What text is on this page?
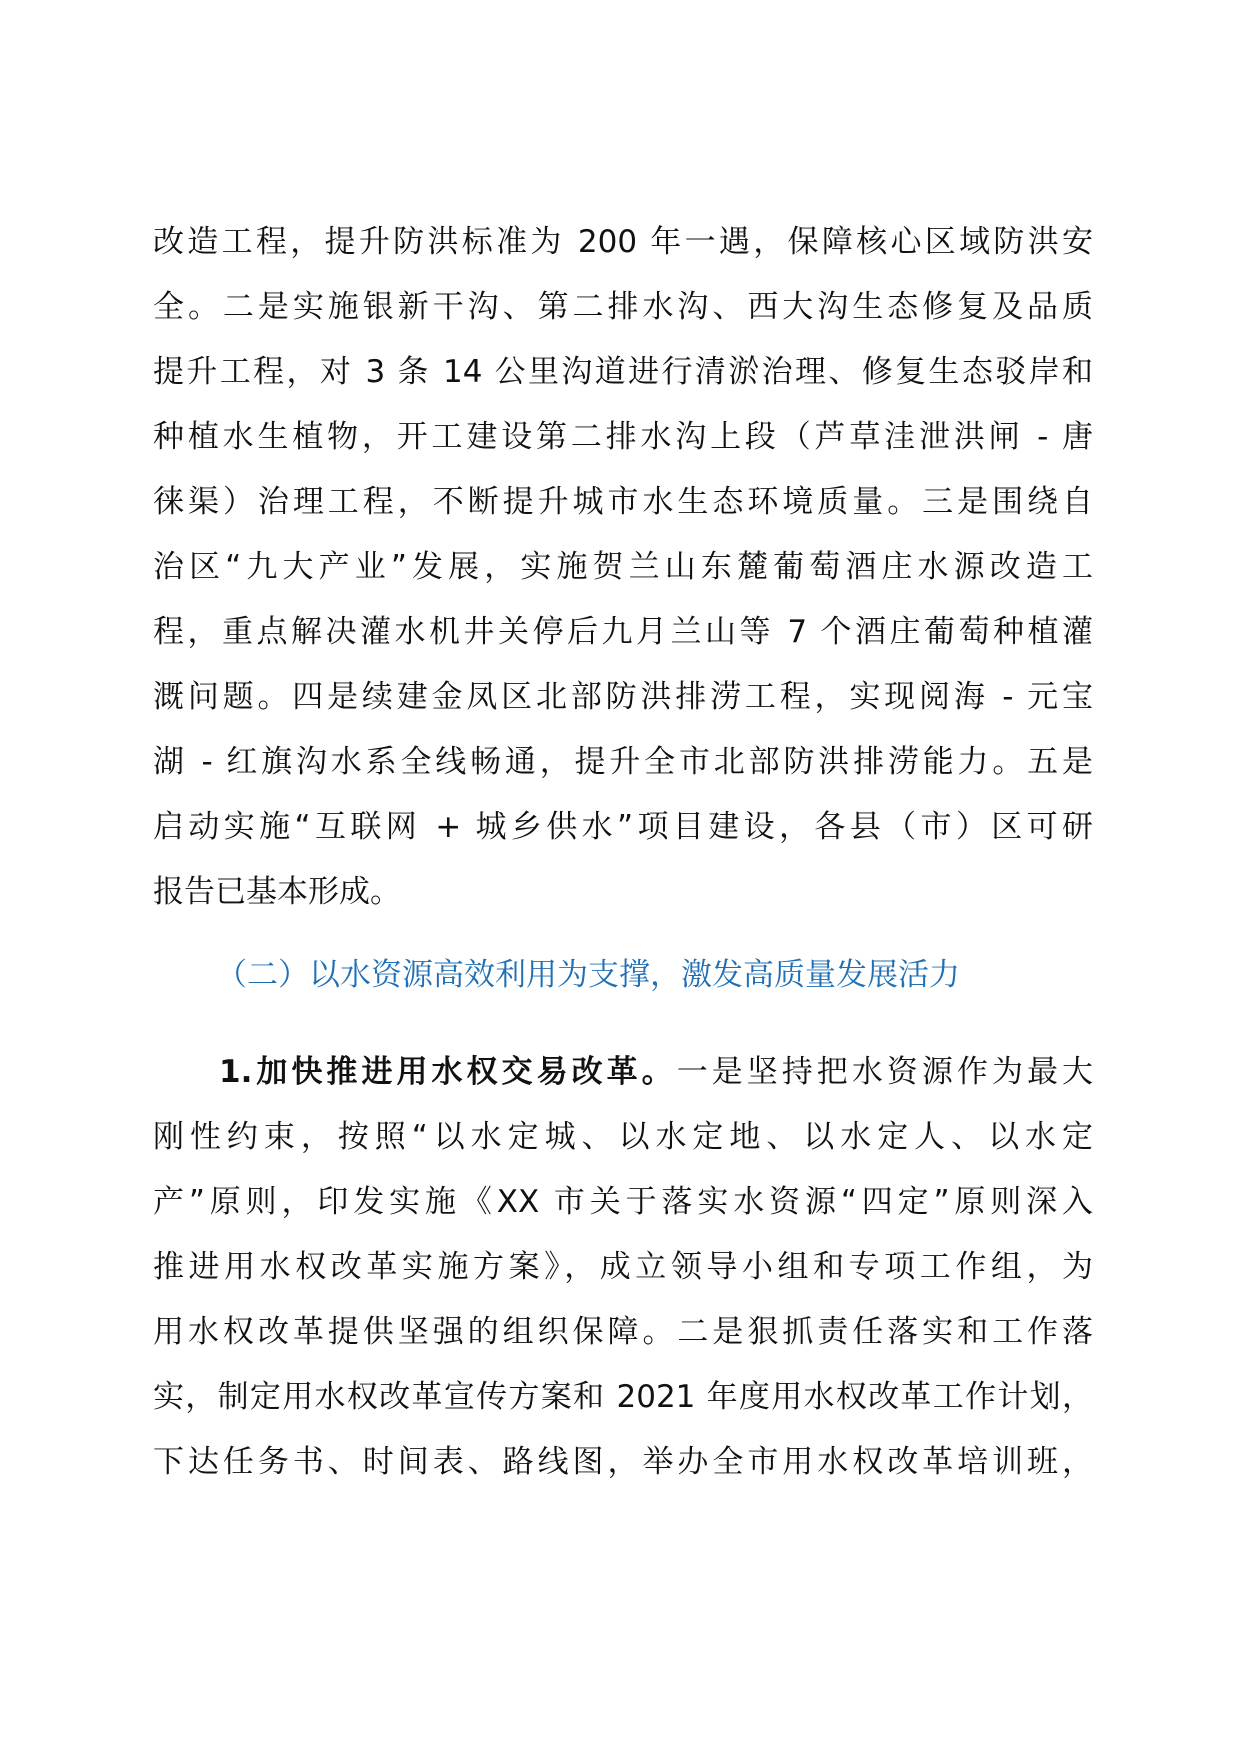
改造工程，提升防洪标准为 200 年一遇，保障核心区域防洪安
全。二是实施银新干沟、第二排水沟、西大沟生态修复及品质
提升工程，对 3 条 14 公里沟道进行清淤治理、修复生态驳岸和
种植水生植物，开工建设第二排水沟上段（芦草洼泄洪闸 - 唐
徕渠）治理工程，不断提升城市水生态环境质量。三是围绕自
治区“九大产业”发展，实施贺兰山东麓葡萄酒庄水源改造工
程，重点解决灌水机井关停后九月兰山等 7 个酒庄葡萄种植灌
溉问题。四是续建金凤区北部防洪排涝工程，实现阅海 - 元宝
湖 - 红旗沟水系全线畅通，提升全市北部防洪排涝能力。五是
启动实施“互联网 + 城乡供水”项目建设，各县（市）区可研
报告已基本形成。
（二）以水资源高效利用为支撑，激发高质量发展活力
1.加快推进用水权交易改革。一是坚持把水资源作为最大
刚性约束，按照“以水定城、以水定地、以水定人、以水定
产”原则，印发实施《XX 市关于落实水资源“四定”原则深入
推进用水权改革实施方案》，成立领导小组和专项工作组，为
用水权改革提供坚强的组织保障。二是狠抓责任落实和工作落
实，制定用水权改革宣传方案和 2021 年度用水权改革工作计划，
下达任务书、时间表、路线图，举办全市用水权改革培训班，
